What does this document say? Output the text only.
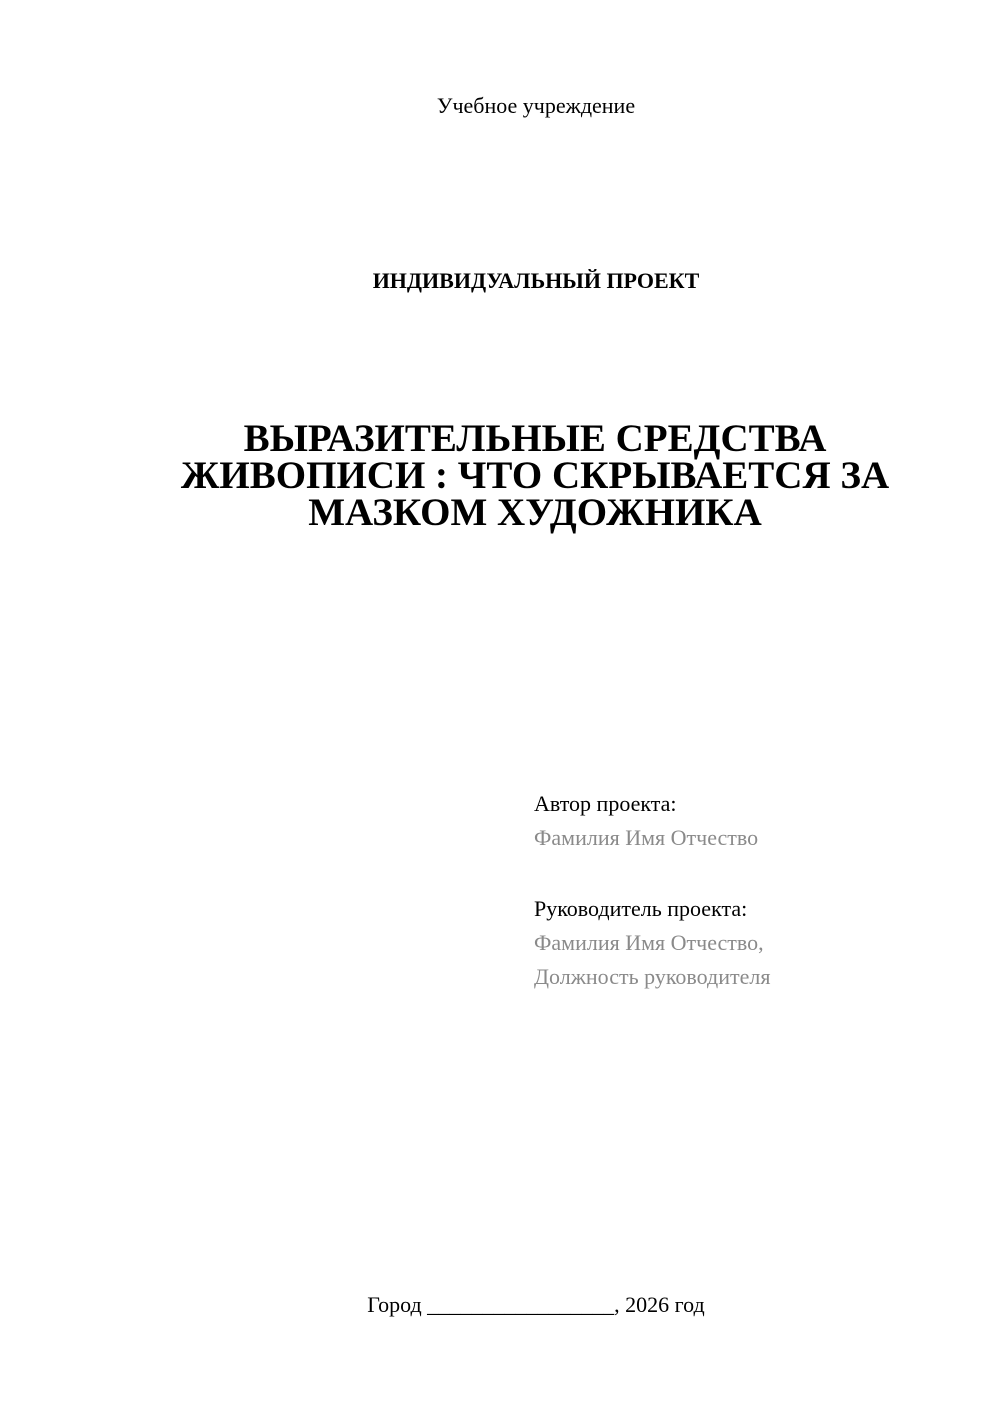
Учебное учреждение
ИНДИВИДУАЛЬНЫЙ ПРОЕКТ
ВЫРАЗИТЕЛЬНЫЕ СРЕДСТВА
ЖИВОПИСИ : ЧТО СКРЫВАЕТСЯ ЗА
МАЗКОМ ХУДОЖНИКА
Автор проекта:
Фамилия Имя Отчество
Руководитель проекта:
Фамилия Имя Отчество,
Должность руководителя
Город _________________, 2026 год
